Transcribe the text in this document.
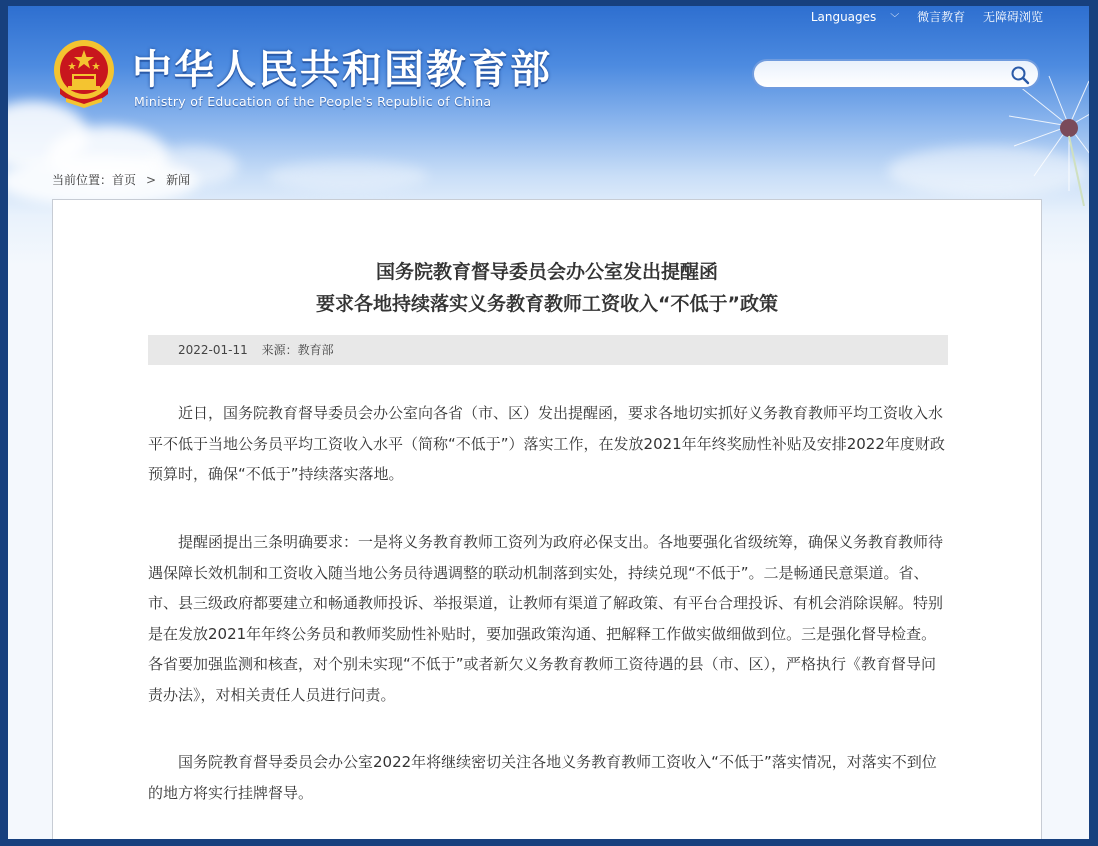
Languages ﹀ 微言教育 无障碍浏览
中华人民共和国教育部
Ministry of Education of the People's Republic of China
当前位置：首页 > 新闻
国务院教育督导委员会办公室发出提醒函
要求各地持续落实义务教育教师工资收入“不低于”政策
2022-01-11 来源：教育部

近日，国务院教育督导委员会办公室向各省（市、区）发出提醒函，要求各地切实抓好义务教育教师平均工资收入水平不低于当地公务员平均工资收入水平（简称“不低于”）落实工作，在发放2021年年终奖励性补贴及安排2022年度财政预算时，确保“不低于”持续落实落地。

提醒函提出三条明确要求：一是将义务教育教师工资列为政府必保支出。各地要强化省级统筹，确保义务教育教师待遇保障长效机制和工资收入随当地公务员待遇调整的联动机制落到实处，持续兑现“不低于”。二是畅通民意渠道。省、市、县三级政府都要建立和畅通教师投诉、举报渠道，让教师有渠道了解政策、有平台合理投诉、有机会消除误解。特别是在发放2021年年终公务员和教师奖励性补贴时，要加强政策沟通、把解释工作做实做细做到位。三是强化督导检查。各省要加强监测和核查，对个别未实现“不低于”或者新欠义务教育教师工资待遇的县（市、区），严格执行《教育督导问责办法》，对相关责任人员进行问责。

国务院教育督导委员会办公室2022年将继续密切关注各地义务教育教师工资收入“不低于”落实情况，对落实不到位的地方将实行挂牌督导。
